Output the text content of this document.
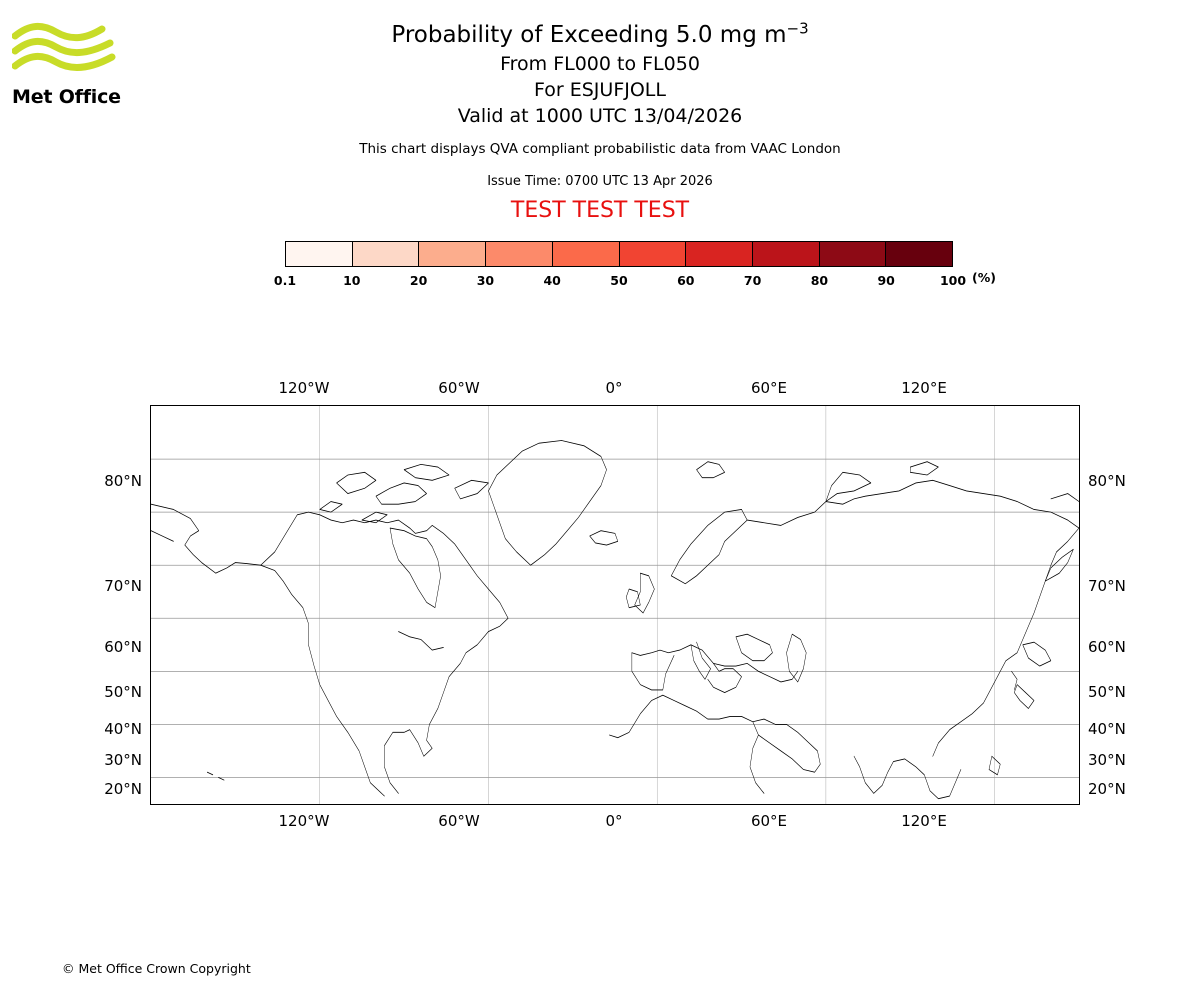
Met Office
Probability of Exceeding 5.0 mg $m^{-3}$
From FL000 to FL050
For ESJUFJOLL
Valid at 1000 UTC 13/04/2026
This chart displays QVA compliant probabilistic data from VAAC London
Issue Time: 0700 UTC 13 Apr 2026
TEST TEST TEST
0.1	10	20	30	40	50	60	70	80	90	100 (%)
120°W	60°W	0°	60°E	120°E
120°W	60°W	0°	60°E	120°E
80°N
70°N
60°N
50°N
40°N
30°N
20°N
80°N
70°N
60°N
50°N
40°N
30°N
20°N
© Met Office Crown Copyright
